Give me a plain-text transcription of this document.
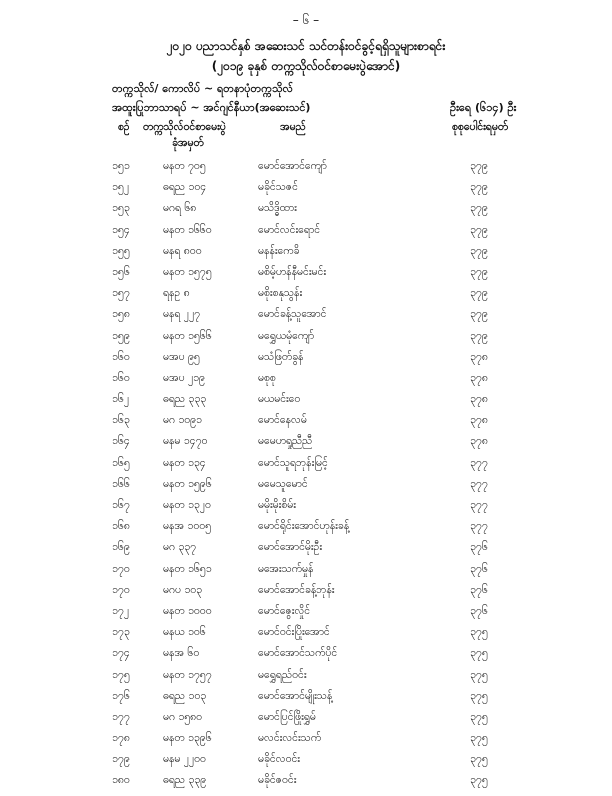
– ၆ –
၂၀၂၀ ပညာသင်နှစ် အဆေးသင် သင်တန်းဝင်ခွင့်ရရှိသူများစာရင်း
(၂၀၁၉ ခုနှစ် တက္ကသိုလ်ဝင်စာမေးပွဲအောင်)
တက္ကသိုလ်/ ကောလိပ် ~ ရတနာပုံတက္ကသိုလ်
အထူးပြုဘာသာရပ် ~ အင်ဂျင်နီယာ(အဆေးသင်)	ဦးရေ (၆၁၄) ဦး
စဉ် တက္ကသိုလ်ဝင်စာမေးပွဲ
ခုံအမှတ်
အမည်	စုစုပေါင်းရမှတ်
၁၅၁	မနတ ၇၀၅	မောင်အောင်ကျော်	၃၇၉
၁၅၂	ဓရည ၁၀၄	မခိုင်သဇင်	၃၇၉
၁၅၃	မဂရ ၆၈	မသိဒ္ဓိထား	၃၇၉
၁၅၄	မနတ ၁၆၆၀	မောင်လင်းရောင်	၃၇၉
၁၅၅	မနရ ၈၀၀	မနန်းကေခိ	၃၇၉
၁၅၆	မနတ ၁၅၇၅	မစိမ့်ဟန်နီမင်းမင်း	၃၇၉
၁၅၇	ရနဥ ၈	မစိုးစနုသွန်း	၃၇၉
၁၅၈	မနရ ၂၂၇	မောင်ခန့်သူအောင်	၃၇၉
၁၅၉	မနတ ၁၅၆၆	မရွှေယမုံကျော်	၃၇၉
၁၆၀	မအပ ၉၅	မသံဖြတ်ခွန်	၃၇၈
၁၆၀	မအပ ၂၁၉	မစုစု	၃၇၈
၁၆၂	ဓရည ၃၃၃	မယမင်းဝေ	၃၇၈
၁၆၃	မဂ ၁၀၉၁	မောင်နေလမ်	၃၇၈
၁၆၄	မနမ ၁၄၇၀	မမေဟရှုညီညီ	၃၇၈
၁၆၅	မနတ ၁၃၄	မောင်သူရဘုန်းမြင့်	၃၇၇
၁၆၆	မနတ ၁၅၉၆	မမေသူမောင်	၃၇၇
၁၆၇	မနတ ၁၃၂၀	မမိုးမိုးစိမ်း	၃၇၇
၁၆၈	မနအ ၁၀၀၅	မောင်ရိုင်းအောင်ဟုန်းခန့်	၃၇၇
၁၆၉	မဂ ၃၃၇	မောင်အောင်မိုးဦး	၃၇၆
၁၇၀	မနတ ၁၆၅၁	မအေးသက်မှုန်	၃၇၆
၁၇၀	မဂပ ၁၀၃	မောင်အောင်ခန့်ဘုန်း	၃၇၆
၁၇၂	မနတ ၁၀၀၀	မောင်ဇွေးလှိုင်	၃၇၆
၁၇၃	မနယ ၁၀၆	မောင်ဝင်းပြိုးအောင်	၃၇၅
၁၇၄	မနအ ၆၀	မောင်အောင်သက်ပိုင်	၃၇၅
၁၇၅	မနတ ၁၇၅၇	မရွှေရည်ဝင်း	၃၇၅
၁၇၆	ဓရည ၁၀၃	မောင်အောင်မျိုးသန့်	၃၇၅
၁၇၇	မဂ ၁၅၈၀	မောင်ပြင်ဖြိုးရွှမ်	၃၇၅
၁၇၈	မနတ ၁၃၉၆	မလင်းလင်းသက်	၃၇၅
၁၇၉	မနမ ၂၂၀၀	မခိုင်လဝင်း	၃၇၅
၁၈၀	ဓရည ၃၃၉	မခိုင်ဇဝင်း	၃၇၅
